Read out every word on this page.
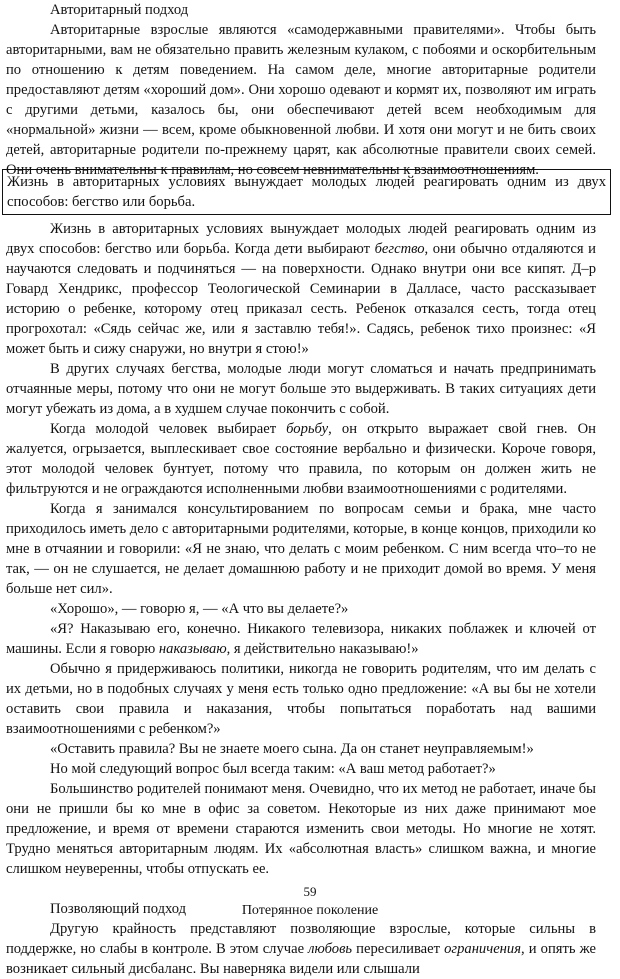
Авторитарный подход

Авторитарные взрослые являются «самодержавными правителями». Чтобы быть авторитарными, вам не обязательно править железным кулаком, с побоями и оскорбительным по отношению к детям поведением. На самом деле, многие авторитарные родители предоставляют детям «хороший дом». Они хорошо одевают и кормят их, позволяют им играть с другими детьми, казалось бы, они обеспечивают детей всем необходимым для «нормальной» жизни — всем, кроме обыкновенной любви. И хотя они могут и не бить своих детей, авторитарные родители по-прежнему царят, как абсолютные правители своих семей. Они очень внимательны к правилам, но совсем невнимательны к взаимоотношениям.

Жизнь в авторитарных условиях вынуждает молодых людей реагировать одним из двух способов: бегство или борьба.

Жизнь в авторитарных условиях вынуждает молодых людей реагировать одним из двух способов: бегство или борьба. Когда дети выбирают бегство, они обычно отдаляются и научаются следовать и подчиняться — на поверхности. Однако внутри они все кипят. Д–р Говард Хендрикс, профессор Теологической Семинарии в Далласе, часто рассказывает историю о ребенке, которому отец приказал сесть. Ребенок отказался сесть, тогда отец прогрохотал: «Сядь сейчас же, или я заставлю тебя!». Садясь, ребенок тихо произнес: «Я может быть и сижу снаружи, но внутри я стою!»

В других случаях бегства, молодые люди могут сломаться и начать предпринимать отчаянные меры, потому что они не могут больше это выдерживать. В таких ситуациях дети могут убежать из дома, а в худшем случае покончить с собой.

Когда молодой человек выбирает борьбу, он открыто выражает свой гнев. Он жалуется, огрызается, выплескивает свое состояние вербально и физически. Короче говоря, этот молодой человек бунтует, потому что правила, по которым он должен жить не фильтруются и не ограждаются исполненными любви взаимоотношениями с родителями.

Когда я занимался консультированием по вопросам семьи и брака, мне часто приходилось иметь дело с авторитарными родителями, которые, в конце концов, приходили ко мне в отчаянии и говорили: «Я не знаю, что делать с моим ребенком. С ним всегда что–то не так, — он не слушается, не делает домашнюю работу и не приходит домой во время. У меня больше нет сил».

«Хорошо», — говорю я, — «А что вы делаете?»

«Я? Наказываю его, конечно. Никакого телевизора, никаких поблажек и ключей от машины. Если я говорю наказываю, я действительно наказываю!»

Обычно я придерживаюсь политики, никогда не говорить родителям, что им делать с их детьми, но в подобных случаях у меня есть только одно предложение: «А вы бы не хотели оставить свои правила и наказания, чтобы попытаться поработать над вашими взаимоотношениями с ребенком?»

«Оставить правила? Вы не знаете моего сына. Да он станет неуправляемым!»

Но мой следующий вопрос был всегда таким: «А ваш метод работает?»

Большинство родителей понимают меня. Очевидно, что их метод не работает, иначе бы они не пришли бы ко мне в офис за советом. Некоторые из них даже принимают мое предложение, и время от времени стараются изменить свои методы. Но многие не хотят. Трудно меняться авторитарным людям. Их «абсолютная власть» слишком важна, и многие слишком неуверенны, чтобы отпускать ее.

Позволяющий подход

Другую крайность представляют позволяющие взрослые, которые сильны в поддержке, но слабы в контроле. В этом случае любовь пересиливает ограничения, и опять же возникает сильный дисбаланс. Вы наверняка видели или слышали

59
Потерянное поколение
